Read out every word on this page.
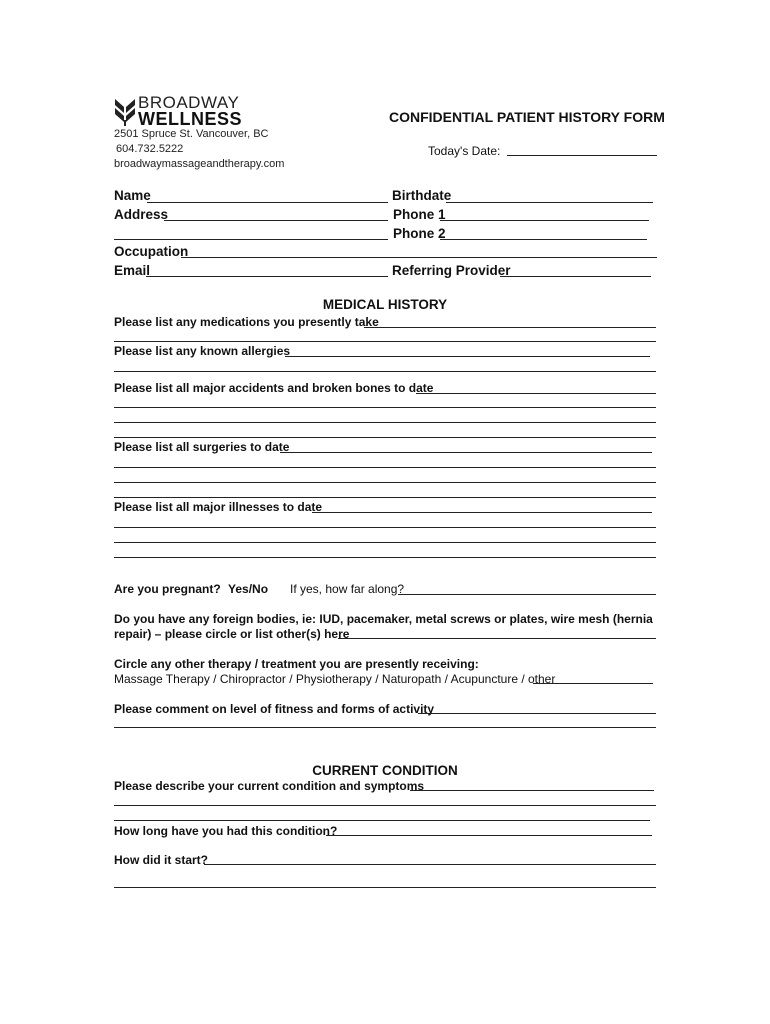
BROADWAY
WELLNESS
2501 Spruce St. Vancouver, BC
604.732.5222
broadwaymassageandtherapy.com
CONFIDENTIAL PATIENT HISTORY FORM
Today's Date:
Name	Birthdate
Address	Phone 1
Phone 2
Occupation
Email	Referring Provider
MEDICAL HISTORY
Please list any medications you presently take
Please list any known allergies
Please list all major accidents and broken bones to date
Please list all surgeries to date
Please list all major illnesses to date
Are you pregnant? Yes/No If yes, how far along?
Do you have any foreign bodies, ie: IUD, pacemaker, metal screws or plates, wire mesh (hernia
repair) – please circle or list other(s) here
Circle any other therapy / treatment you are presently receiving:
Massage Therapy / Chiropractor / Physiotherapy / Naturopath / Acupuncture / other
Please comment on level of fitness and forms of activity
CURRENT CONDITION
Please describe your current condition and symptoms
How long have you had this condition?
How did it start?
